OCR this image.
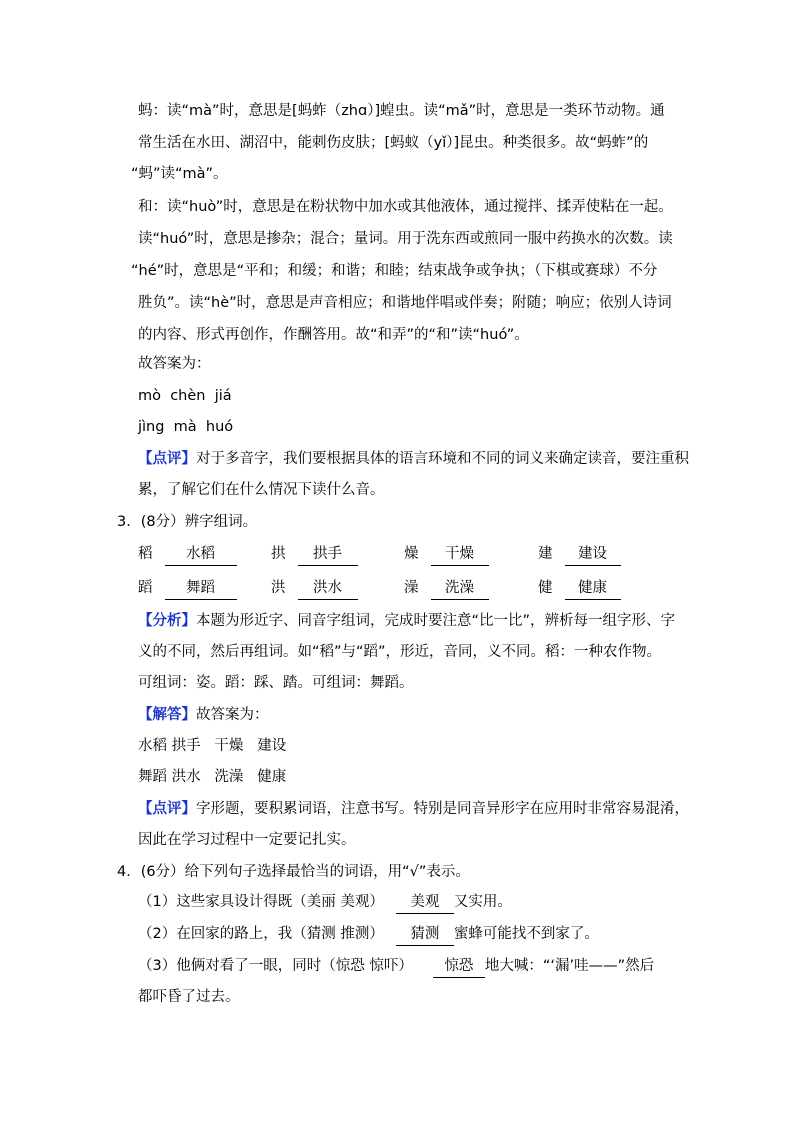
蚂：读“mà”时，意思是[蚂蚱（zhɑ）]蝗虫。读“mǎ”时，意思是一类环节动物。通
常生活在水田、湖沼中，能刺伤皮肤；[蚂蚁（yǐ）]昆虫。种类很多。故“蚂蚱”的
“蚂”读“mà”。
和：读“huò”时，意思是在粉状物中加水或其他液体，通过搅拌、揉弄使粘在一起。
读“huó”时，意思是掺杂；混合；量词。用于洗东西或煎同一服中药换水的次数。读
“hé”时，意思是“平和；和缓；和谐；和睦；结束战争或争执；（下棋或赛球）不分
胜负”。读“hè”时，意思是声音相应；和谐地伴唱或伴奏；附随；响应；依别人诗词
的内容、形式再创作，作酬答用。故“和弄”的“和”读“huó”。
故答案为：
mò  chèn  jiá
jìng  mà  huó
【点评】对于多音字，我们要根据具体的语言环境和不同的词义来确定读音，要注重积
累，了解它们在什么情况下读什么音。
3．(8分）辨字组词。
稻 水稻	拱 拱手	燥 干燥	建 建设
蹈 舞蹈	洪 洪水	澡 洗澡	健 健康
【分析】本题为形近字、同音字组词，完成时要注意“比一比”，辨析每一组字形、字
义的不同，然后再组词。如“稻”与“蹈”，形近，音同，义不同。稻：一种农作物。
可组词：姿。蹈：踩、踏。可组词：舞蹈。
【解答】故答案为：
水稻 拱手   干燥   建设
舞蹈 洪水   洗澡   健康
【点评】字形题，要积累词语，注意书写。特别是同音异形字在应用时非常容易混淆，
因此在学习过程中一定要记扎实。
4．(6分）给下列句子选择最恰当的词语，用“√”表示。
（1）这些家具设计得既（美丽 美观） 美观 又实用。
（2）在回家的路上，我（猜测 推测） 猜测 蜜蜂可能找不到家了。
（3）他俩对看了一眼，同时（惊恐 惊吓） 惊恐 地大喊：“‘漏’哇——”然后
都吓昏了过去。
